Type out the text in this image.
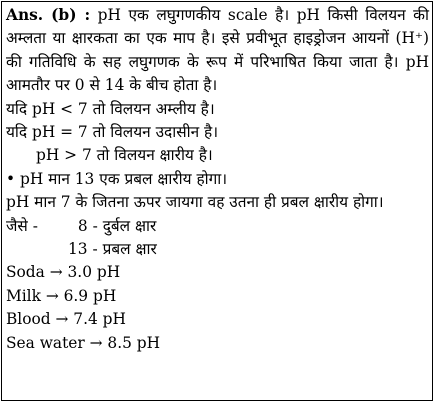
Ans. (b) : pH एक लघुगणकीय scale है। pH किसी विलयन की अम्लता या क्षारकता का एक माप है। इसे प्रवीभूत हाइड्रोजन आयनों (H⁺) की गतिविधि के सह लघुगणक के रूप में परिभाषित किया जाता है। pH आमतौर पर 0 से 14 के बीच होता है।

यदि pH < 7 तो विलयन अम्लीय है।

यदि pH = 7 तो विलयन उदासीन है।

pH > 7 तो विलयन क्षारीय है।

• pH मान 13 एक प्रबल क्षारीय होगा।

pH मान 7 के जितना ऊपर जायगा वह उतना ही प्रबल क्षारीय होगा।

जैसे -	8 - दुर्बल क्षार

13 - प्रबल क्षार

Soda → 3.0 pH

Milk → 6.9 pH

Blood → 7.4 pH

Sea water → 8.5 pH
